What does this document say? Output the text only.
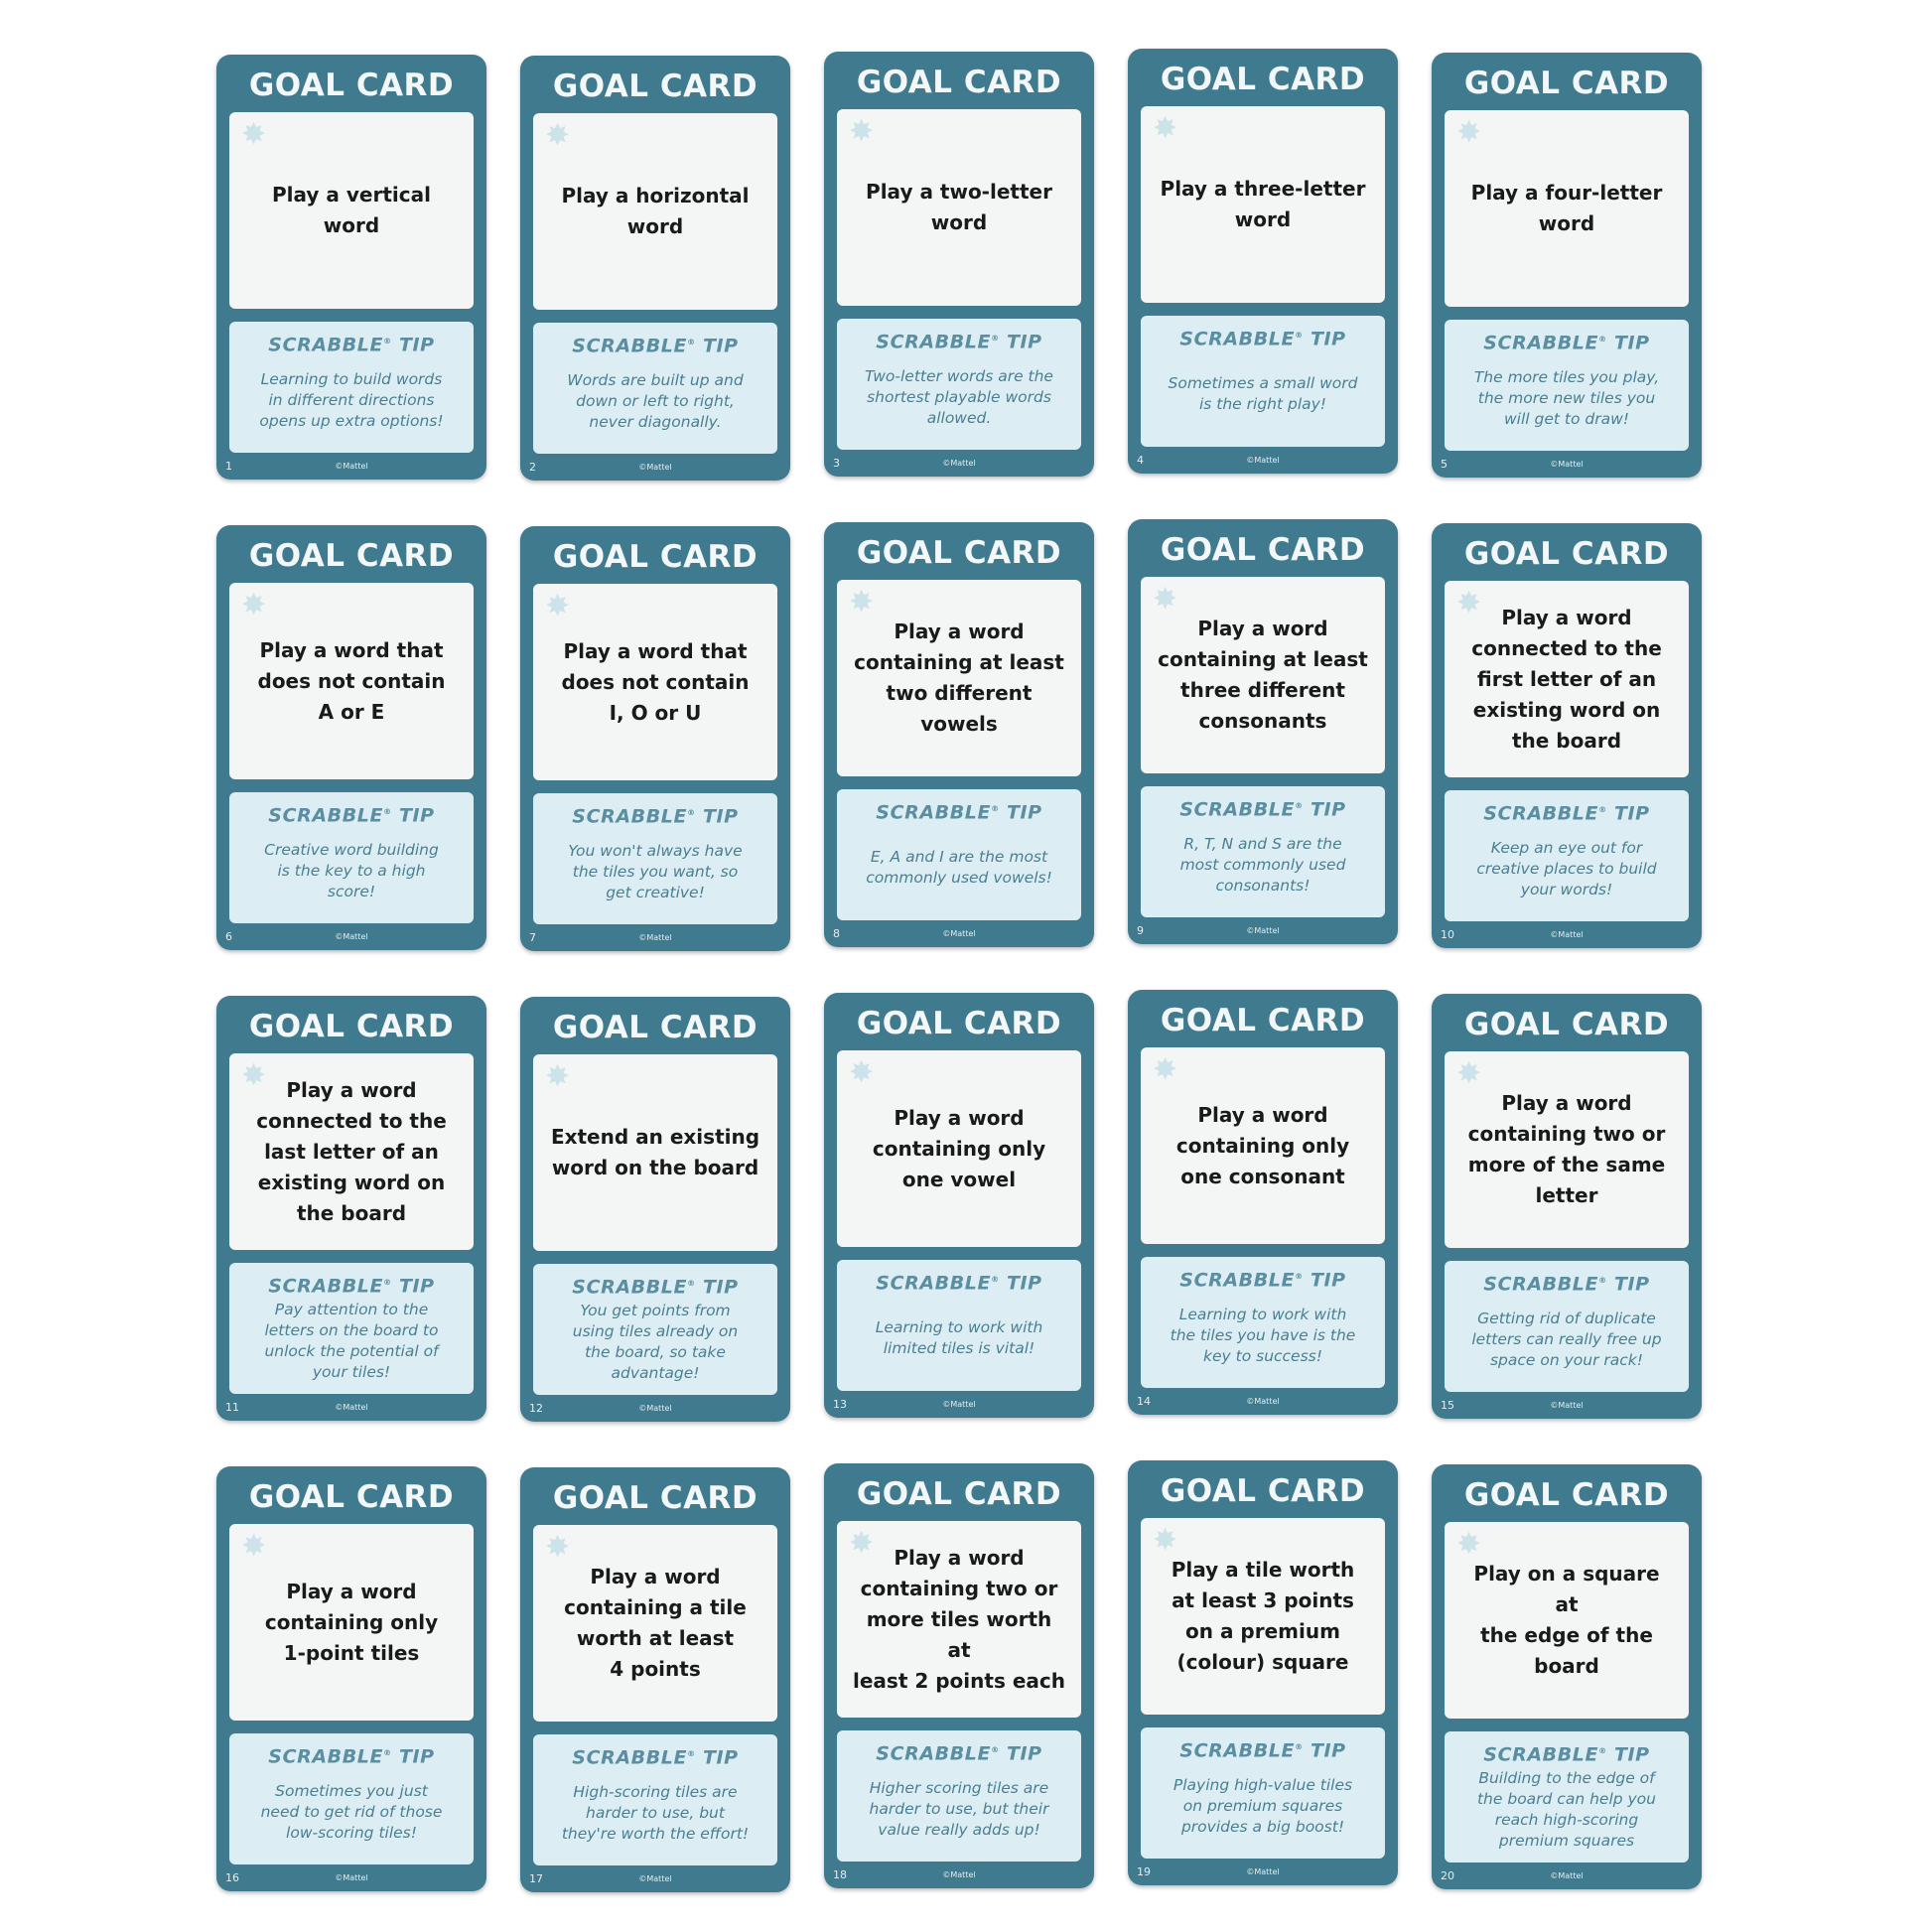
GOAL CARD
✸
Play a vertical
word
SCRABBLE® TIP
Learning to build words
in different directions
opens up extra options!
1	©Mattel
GOAL CARD
✸
Play a horizontal
word
SCRABBLE® TIP
Words are built up and
down or left to right,
never diagonally.
2	©Mattel
GOAL CARD
✸
Play a two-letter
word
SCRABBLE® TIP
Two-letter words are the
shortest playable words
allowed.
3	©Mattel
GOAL CARD
✸
Play a three-letter
word
SCRABBLE® TIP
Sometimes a small word
is the right play!
4	©Mattel
GOAL CARD
✸
Play a four-letter
word
SCRABBLE® TIP
The more tiles you play,
the more new tiles you
will get to draw!
5	©Mattel
GOAL CARD
✸
Play a word that
does not contain
A or E
SCRABBLE® TIP
Creative word building
is the key to a high
score!
6	©Mattel
GOAL CARD
✸
Play a word that
does not contain
I, O or U
SCRABBLE® TIP
You won't always have
the tiles you want, so
get creative!
7	©Mattel
GOAL CARD
✸
Play a word
containing at least
two different vowels
SCRABBLE® TIP
E, A and I are the most
commonly used vowels!
8	©Mattel
GOAL CARD
✸
Play a word
containing at least
three different
consonants
SCRABBLE® TIP
R, T, N and S are the
most commonly used
consonants!
9	©Mattel
GOAL CARD
✸	Play a word
connected to the
first letter of an
existing word on
the board
SCRABBLE® TIP
Keep an eye out for
creative places to build
your words!
10	©Mattel
GOAL CARD
✸	Play a word
connected to the
last letter of an
existing word on
the board
SCRABBLE® TIP
Pay attention to the
letters on the board to
unlock the potential of
your tiles!
11	©Mattel
GOAL CARD
✸
Extend an existing
word on the board
SCRABBLE® TIP
You get points from
using tiles already on
the board, so take
advantage!
12	©Mattel
GOAL CARD
✸
Play a word
containing only
one vowel
SCRABBLE® TIP
Learning to work with
limited tiles is vital!
13	©Mattel
GOAL CARD
✸
Play a word
containing only
one consonant
SCRABBLE® TIP
Learning to work with
the tiles you have is the
key to success!
14	©Mattel
GOAL CARD
✸
Play a word
containing two or
more of the same
letter
SCRABBLE® TIP
Getting rid of duplicate
letters can really free up
space on your rack!
15	©Mattel
GOAL CARD
✸
Play a word
containing only
1-point tiles
SCRABBLE® TIP
Sometimes you just
need to get rid of those
low-scoring tiles!
16	©Mattel
GOAL CARD
✸
Play a word
containing a tile
worth at least
4 points
SCRABBLE® TIP
High-scoring tiles are
harder to use, but
they're worth the effort!
17	©Mattel
GOAL CARD
✸	Play a word
containing two or
more tiles worth at
least 2 points each
SCRABBLE® TIP
Higher scoring tiles are
harder to use, but their
value really adds up!
18	©Mattel
GOAL CARD
✸
Play a tile worth
at least 3 points
on a premium
(colour) square
SCRABBLE® TIP
Playing high-value tiles
on premium squares
provides a big boost!
19	©Mattel
GOAL CARD
✸
Play on a square at
the edge of the
board
SCRABBLE® TIP
Building to the edge of
the board can help you
reach high-scoring
premium squares
20	©Mattel
